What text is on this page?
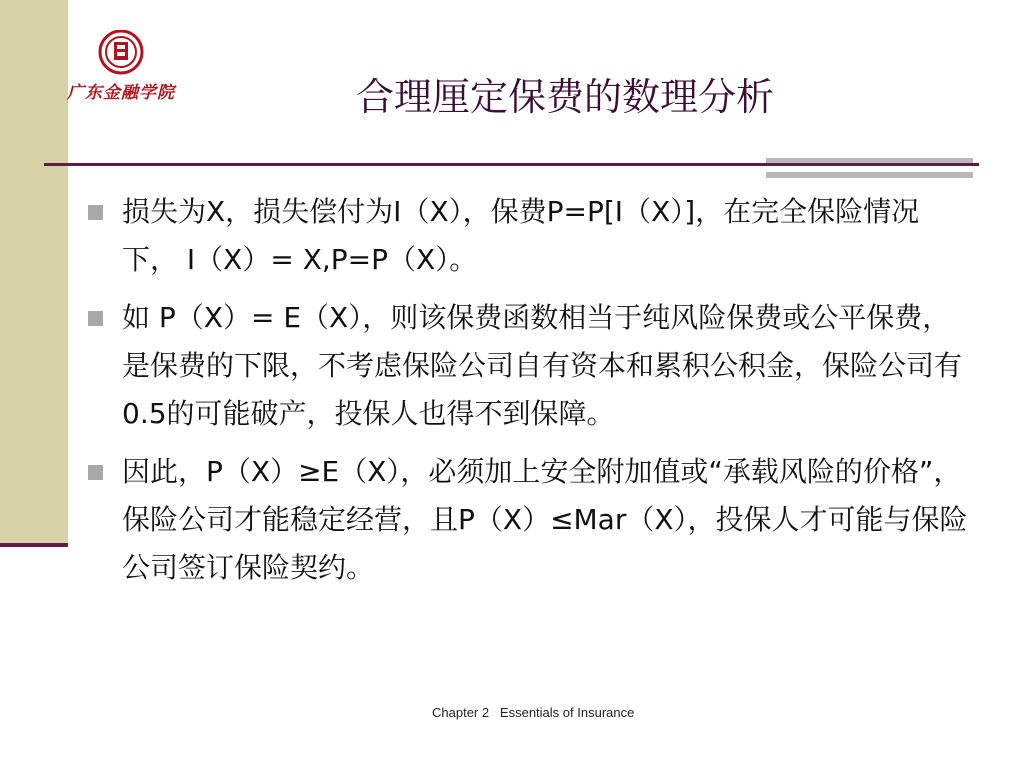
广东金融学院	合理厘定保费的数理分析
损失为X，损失偿付为I（X），保费P=P[I（X）]，在完全保险情况下， I（X）= X,P=P（X）。
如 P（X）= E（X），则该保费函数相当于纯风险保费或公平保费，是保费的下限，不考虑保险公司自有资本和累积公积金，保险公司有0.5的可能破产，投保人也得不到保障。
因此，P（X）≥E（X），必须加上安全附加值或“承载风险的价格”，保险公司才能稳定经营，且P（X）≤Mar（X），投保人才可能与保险公司签订保险契约。
Chapter 2   Essentials of Insurance
